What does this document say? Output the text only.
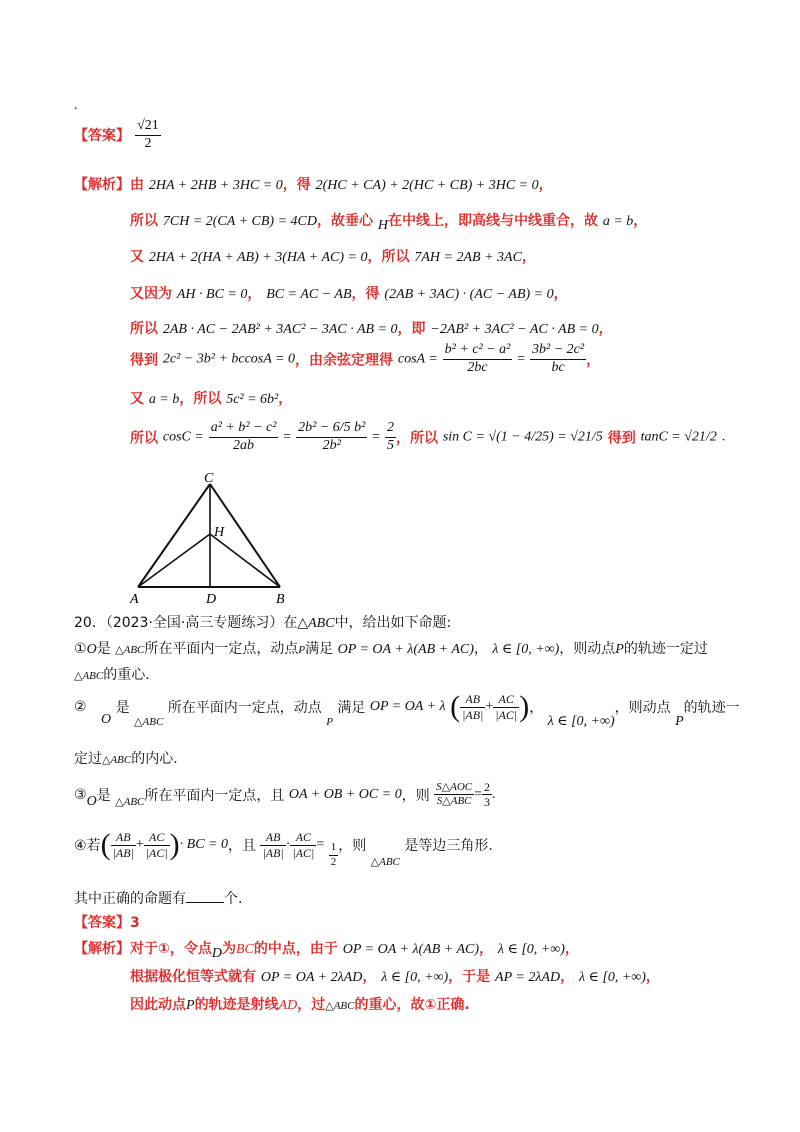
.
【答案】 $\frac{√21}{2}$
【解析】由 2HA + 2HB + 3HC = 0，得 2(HC + CA) + 2(HC + CB) + 3HC = 0，
所以 7CH = 2(CA + CB) = 4CD，故垂心 H在中线上，即高线与中线重合，故 a = b，
又 2HA + 2(HA + AB) + 3(HA + AC) = 0，所以 7AH = 2AB + 3AC，
又因为 AH · BC = 0， BC = AC − AB，得 (2AB + 3AC) · (AC − AB) = 0，
所以 2AB · AC − 2AB² + 3AC² − 3AC · AB = 0，即 −2AB² + 3AC² − AC · AB = 0，
得到 2c² − 3b² + bccosA = 0，由余弦定理得 $\cos A = \frac{\text{b² + c² − a²}}{2bc} = \frac{\text{3b² − 2c²}}{bc}$ ，
又 a = b，所以 5c² = 6b²，
所以 $\cos C = \frac{\text{a² + b² − c²}}{2ab} = \frac{\text{2b² − 6/5 b²}}{\text{2b²}} = \frac{2}{5}$ ，所以 sin C = √(1 − 4/25) = √21/5 得到 tanC = √21/2 .
C
H
A	D	B
20．（2023·全国·高三专题练习）在△ABC中，给出如下命题:
①O是 △ABC所在平面内一定点，动点P满足 OP = OA + λ(AB + AC)， λ ∈ [0, +∞)，则动点P的轨迹一定过
△ABC的重心.
② O 是 $_{\triangle ABC}$ 所在平面内一定点，动点 $_P$ 满足 OP = OA + λ ( $\frac{AB}{|AB|} + \frac{AC}{|AC|}$ )， λ ∈ [0, +∞)，则动点 P的轨迹一
定过△ABC的内心.
③O是 $_{\triangle ABC}$所在平面内一定点，且 OA + OB + OC = 0，则 $\frac{\text{S△AOC}}{\text{S△ABC}} = \frac{2}{3}$ .
④若( $\frac{AB}{|AB|} + \frac{AC}{|AC|}$ )· BC = 0，且 $\frac{AB}{|AB|} \cdot \frac{AC}{|AC|} = \frac{1}{2}$ ，则 $_{\triangle ABC}$ 是等边三角形.
其中正确的命题有	个.
【答案】3
【解析】对于①，令点D为BC的中点，由于 OP = OA + λ(AB + AC)， λ ∈ [0, +∞)，
根据极化恒等式就有 OP = OA + 2λAD， λ ∈ [0, +∞)，于是 AP = 2λAD， λ ∈ [0, +∞)，
因此动点P的轨迹是射线AD，过△ABC的重心，故①正确.
